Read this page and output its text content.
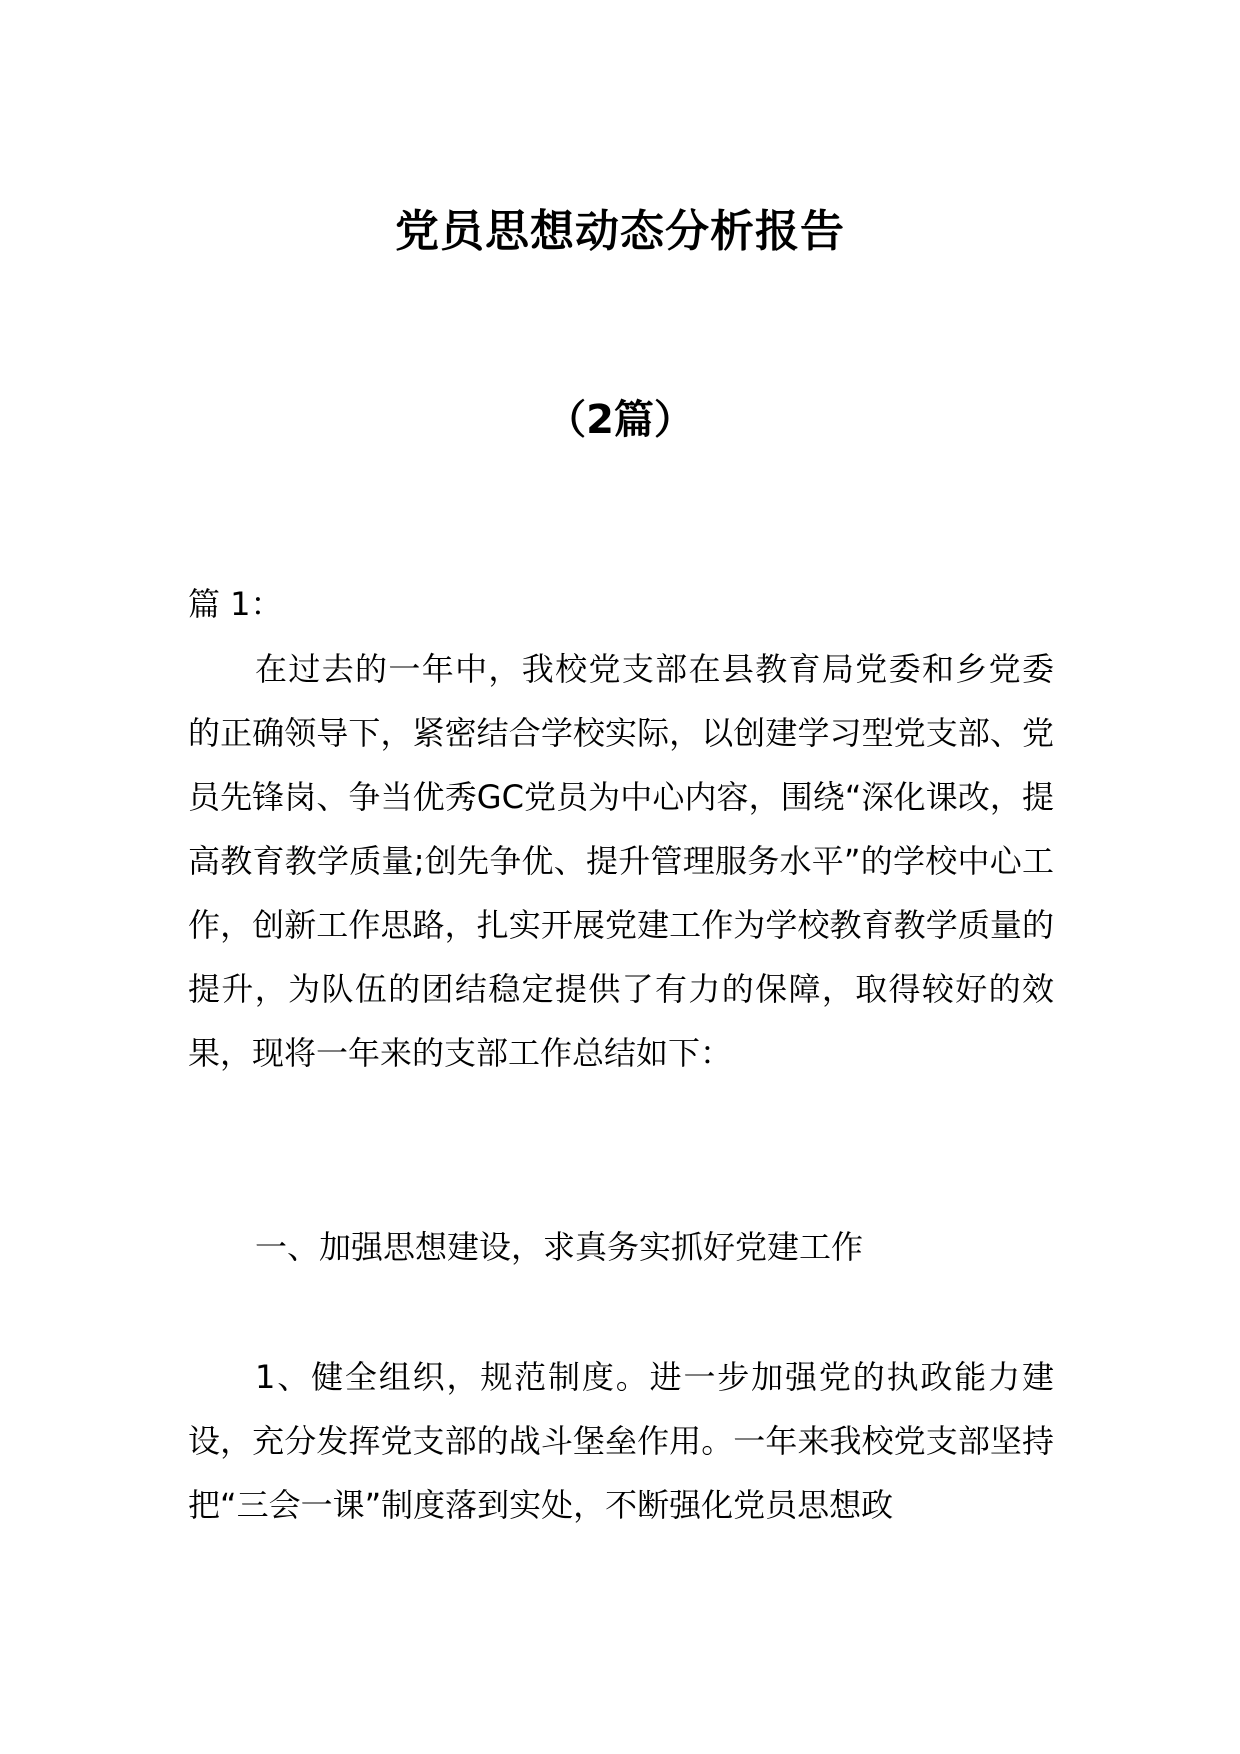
党员思想动态分析报告
（2篇）

篇 1：

在过去的一年中，我校党支部在县教育局党委和乡党委的正确领导下，紧密结合学校实际，以创建学习型党支部、党员先锋岗、争当优秀GC党员为中心内容，围绕“深化课改，提高教育教学质量;创先争优、提升管理服务水平”的学校中心工作，创新工作思路，扎实开展党建工作为学校教育教学质量的提升，为队伍的团结稳定提供了有力的保障，取得较好的效果，现将一年来的支部工作总结如下：

一、加强思想建设，求真务实抓好党建工作

1、健全组织，规范制度。进一步加强党的执政能力建设，充分发挥党支部的战斗堡垒作用。一年来我校党支部坚持把“三会一课”制度落到实处，不断强化党员思想政
